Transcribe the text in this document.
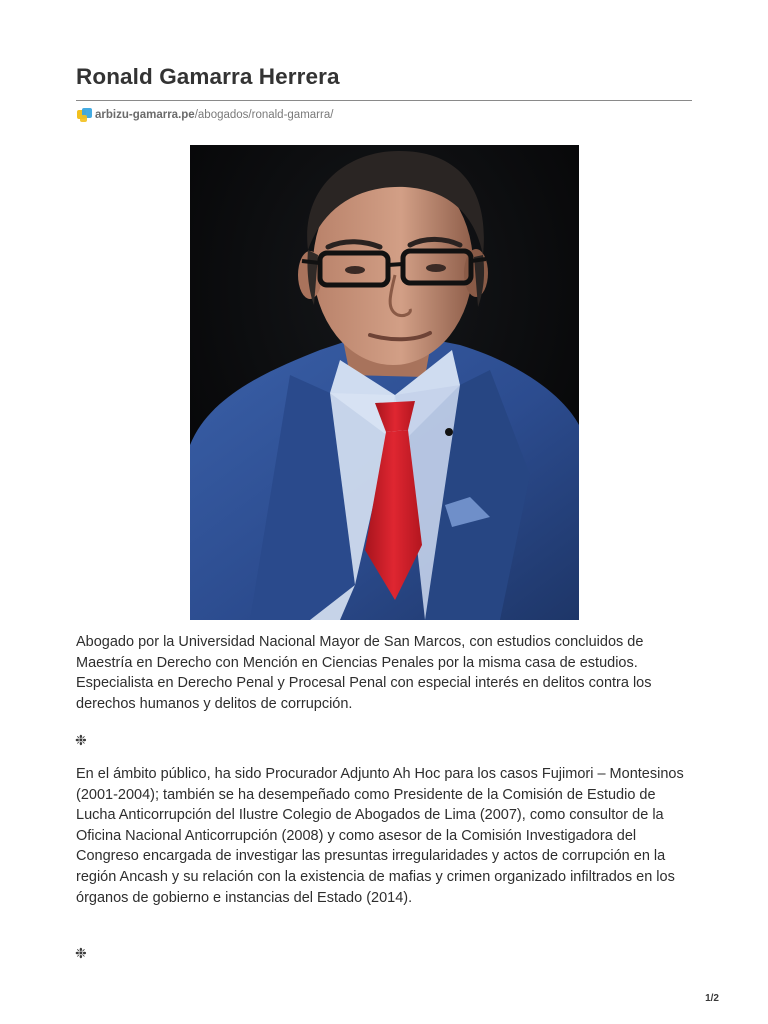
Ronald Gamarra Herrera
arbizu-gamarra.pe /abogados/ronald-gamarra/

Abogado por la Universidad Nacional Mayor de San Marcos, con estudios concluidos de Maestría en Derecho con Mención en Ciencias Penales por la misma casa de estudios. Especialista en Derecho Penal y Procesal Penal con especial interés en delitos contra los derechos humanos y delitos de corrupción.

❉

En el ámbito público, ha sido Procurador Adjunto Ah Hoc para los casos Fujimori – Montesinos (2001-2004); también se ha desempeñado como Presidente de la Comisión de Estudio de Lucha Anticorrupción del Ilustre Colegio de Abogados de Lima (2007), como consultor de la Oficina Nacional Anticorrupción (2008) y como asesor de la Comisión Investigadora del Congreso encargada de investigar las presuntas irregularidades y actos de corrupción en la región Ancash y su relación con la existencia de mafias y crimen organizado infiltrados en los órganos de gobierno e instancias del Estado (2014).

❉
1/2
